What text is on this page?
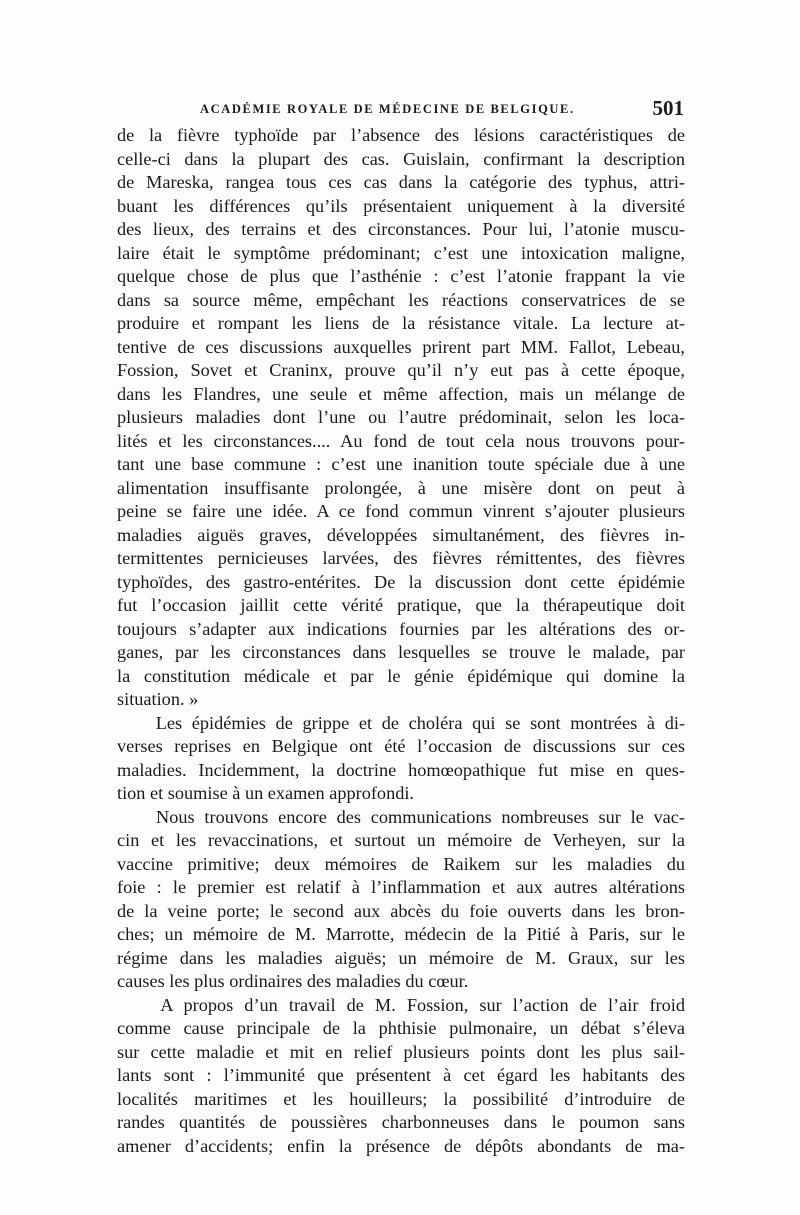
ACADÉMIE ROYALE DE MÉDECINE DE BELGIQUE.	501
de la fièvre typhoïde par l’absence des lésions caractéristiques de
celle-ci dans la plupart des cas. Guislain, confirmant la description
de Mareska, rangea tous ces cas dans la catégorie des typhus, attri-
buant les différences qu’ils présentaient uniquement à la diversité
des lieux, des terrains et des circonstances. Pour lui, l’atonie muscu-
laire était le symptôme prédominant; c’est une intoxication maligne,
quelque chose de plus que l’asthénie : c’est l’atonie frappant la vie
dans sa source même, empêchant les réactions conservatrices de se
produire et rompant les liens de la résistance vitale. La lecture at-
tentive de ces discussions auxquelles prirent part MM. Fallot, Lebeau,
Fossion, Sovet et Craninx, prouve qu’il n’y eut pas à cette époque,
dans les Flandres, une seule et même affection, mais un mélange de
plusieurs maladies dont l’une ou l’autre prédominait, selon les loca-
lités et les circonstances.... Au fond de tout cela nous trouvons pour-
tant une base commune : c’est une inanition toute spéciale due à une
alimentation insuffisante prolongée, à une misère dont on peut à
peine se faire une idée. A ce fond commun vinrent s’ajouter plusieurs
maladies aiguës graves, développées simultanément, des fièvres in-
termittentes pernicieuses larvées, des fièvres rémittentes, des fièvres
typhoïdes, des gastro-entérites. De la discussion dont cette épidémie
fut l’occasion jaillit cette vérité pratique, que la thérapeutique doit
toujours s’adapter aux indications fournies par les altérations des or-
ganes, par les circonstances dans lesquelles se trouve le malade, par
la constitution médicale et par le génie épidémique qui domine la
situation. »
Les épidémies de grippe et de choléra qui se sont montrées à di-
verses reprises en Belgique ont été l’occasion de discussions sur ces
maladies. Incidemment, la doctrine homœopathique fut mise en ques-
tion et soumise à un examen approfondi.
Nous trouvons encore des communications nombreuses sur le vac-
cin et les revaccinations, et surtout un mémoire de Verheyen, sur la
vaccine primitive; deux mémoires de Raikem sur les maladies du
foie : le premier est relatif à l’inflammation et aux autres altérations
de la veine porte; le second aux abcès du foie ouverts dans les bron-
ches; un mémoire de M. Marrotte, médecin de la Pitié à Paris, sur le
régime dans les maladies aiguës; un mémoire de M. Graux, sur les
causes les plus ordinaires des maladies du cœur.
A propos d’un travail de M. Fossion, sur l’action de l’air froid
comme cause principale de la phthisie pulmonaire, un débat s’éleva
sur cette maladie et mit en relief plusieurs points dont les plus sail-
lants sont : l’immunité que présentent à cet égard les habitants des
localités maritimes et les houilleurs; la possibilité d’introduire de
randes quantités de poussières charbonneuses dans le poumon sans
amener d’accidents; enfin la présence de dépôts abondants de ma-
